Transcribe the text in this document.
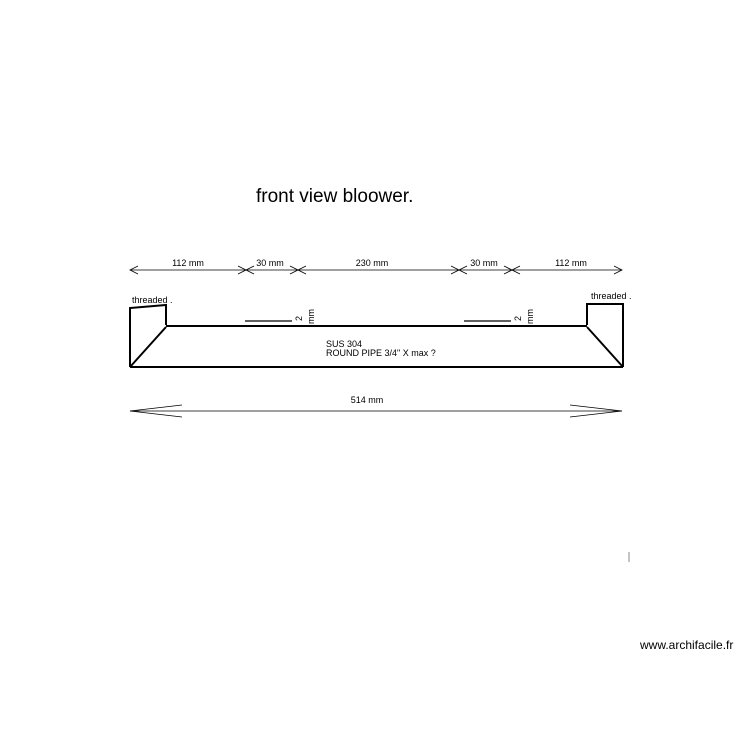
front view bloower.
112 mm	30 mm	230 mm	30 mm	112 mm
threaded .	threaded .
2 mm	2 mm
SUS 304
ROUND PIPE 3/4" X max ?
514 mm
www.archifacile.fr
